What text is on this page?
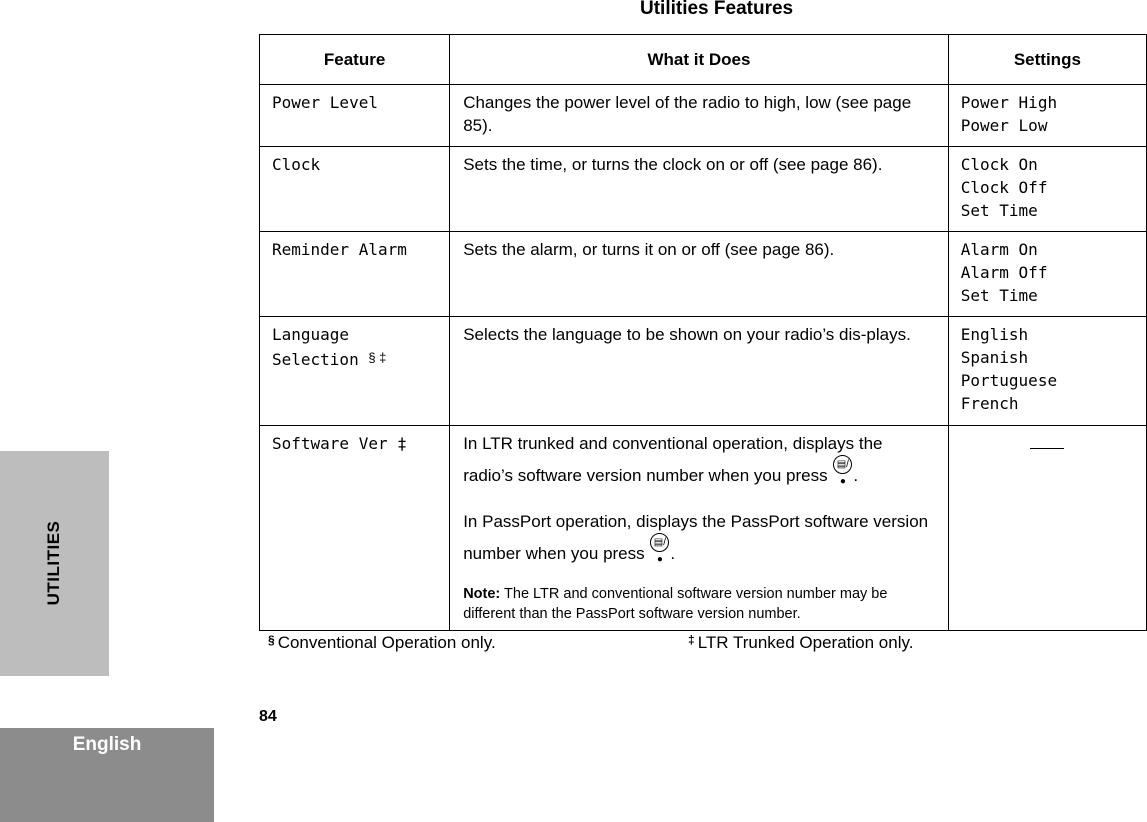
UTILITIES
English
Utilities Features
Feature	What it Does	Settings
Power Level	Changes the power level of the radio to high, low (see page 85).	Power High
Power Low

Clock	Sets the time, or turns the clock on or off (see page 86).	Clock On
Clock Off
Set Time

Reminder Alarm	Sets the alarm, or turns it on or off (see page 86).	Alarm On
Alarm Off
Set Time

Language
Selection § ‡	Selects the language to be shown on your radio’s dis-plays.	English
Spanish
Portuguese
French

Software Ver ‡	In LTR trunked and conventional operation, displays the radio’s software version number when you press ▤/● .
In PassPort operation, displays the PassPort software version number when you press ▤/● .
Note: The LTR and conventional software version number may be different than the PassPort software version number.	

§ Conventional Operation only.	‡ LTR Trunked Operation only.
84
